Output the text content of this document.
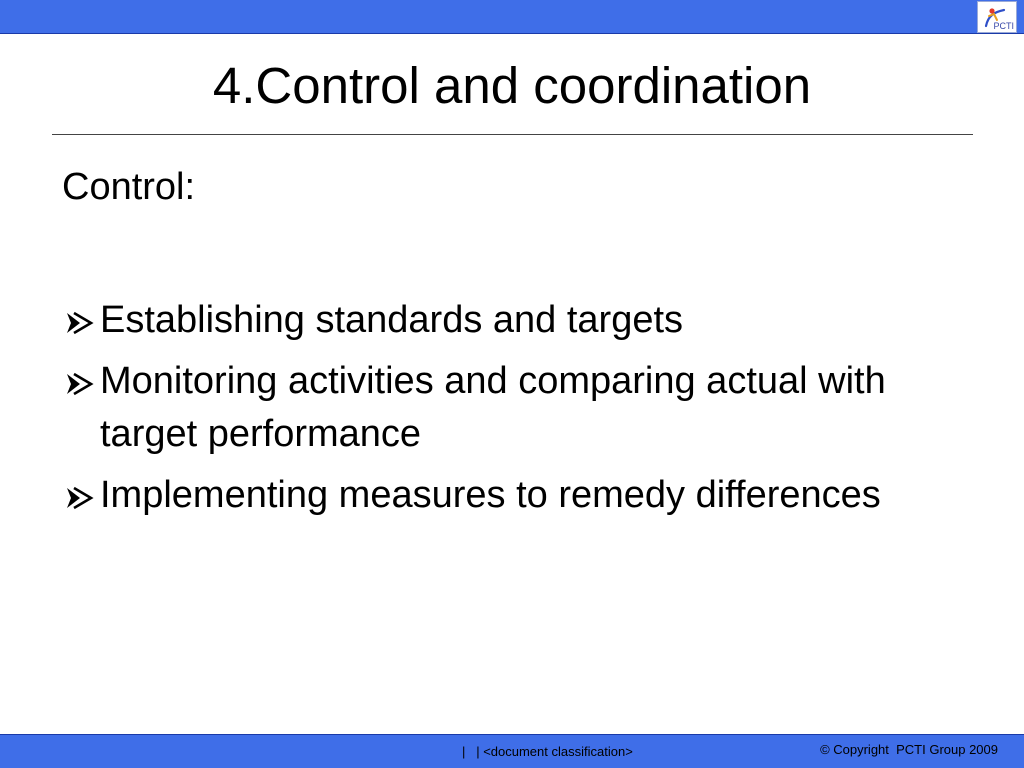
PCTI
4.Control and coordination
Control:
Establishing standards and targets
Monitoring activities and comparing actual with target performance
Implementing measures to remedy differences
|   | <document classification>	© Copyright  PCTI Group 2009
